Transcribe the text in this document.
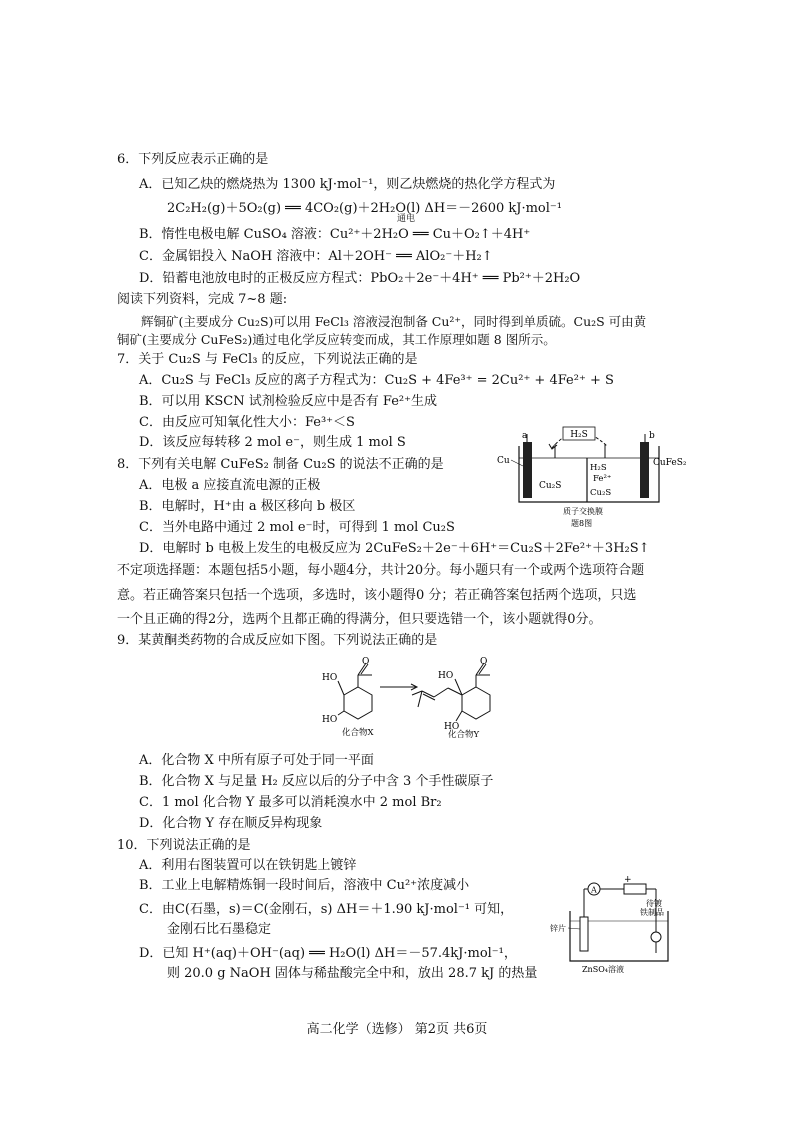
6．下列反应表示正确的是
A．已知乙炔的燃烧热为 1300 kJ·mol⁻¹，则乙炔燃烧的热化学方程式为
2C₂H₂(g)＋5O₂(g) ══ 4CO₂(g)＋2H₂O(l) ΔH＝－2600 kJ·mol⁻¹
B．惰性电极电解 CuSO₄ 溶液：Cu²⁺＋2H₂O ══ Cu＋O₂↑＋4H⁺
通电
C．金属铝投入 NaOH 溶液中：Al＋2OH⁻ ══ AlO₂⁻＋H₂↑
D．铅蓄电池放电时的正极反应方程式：PbO₂＋2e⁻＋4H⁺ ══ Pb²⁺＋2H₂O
阅读下列资料，完成 7~8 题:
辉铜矿(主要成分 Cu₂S)可以用 FeCl₃ 溶液浸泡制备 Cu²⁺，同时得到单质硫。Cu₂S 可由黄
铜矿(主要成分 CuFeS₂)通过电化学反应转变而成，其工作原理如题 8 图所示。
7．关于 Cu₂S 与 FeCl₃ 的反应，下列说法正确的是
A．Cu₂S 与 FeCl₃ 反应的离子方程式为：Cu₂S + 4Fe³⁺ = 2Cu²⁺ + 4Fe²⁺ + S
B．可以用 KSCN 试剂检验反应中是否有 Fe²⁺生成
C．由反应可知氧化性大小：Fe³⁺＜S
D．该反应每转移 2 mol e⁻，则生成 1 mol S	H₂S
a	b
Cu
Cu₂S
H₂S
Fe²⁺
Cu₂S
CuFeS₂
质子交换膜
题8图
8．下列有关电解 CuFeS₂ 制备 Cu₂S 的说法不正确的是
A．电极 a 应接直流电源的正极
B．电解时，H⁺由 a 极区移向 b 极区
C．当外电路中通过 2 mol e⁻时，可得到 1 mol Cu₂S
D．电解时 b 电极上发生的电极反应为 2CuFeS₂＋2e⁻＋6H⁺＝Cu₂S＋2Fe²⁺＋3H₂S↑
不定项选择题：本题包括5小题，每小题4分，共计20分。每小题只有一个或两个选项符合题
意。若正确答案只包括一个选项，多选时，该小题得0 分；若正确答案包括两个选项，只选
一个且正确的得2分，选两个且都正确的得满分，但只要选错一个，该小题就得0分。
9．某黄酮类药物的合成反应如下图。下列说法正确的是
O
HO
HO
化合物X
O
HO
HO
化合物Y
A．化合物 X 中所有原子可处于同一平面
B．化合物 X 与足量 H₂ 反应以后的分子中含 3 个手性碳原子
C．1 mol 化合物 Y 最多可以消耗溴水中 2 mol Br₂
D．化合物 Y 存在顺反异构现象
10．下列说法正确的是
A．利用右图装置可以在铁钥匙上镀锌
B．工业上电解精炼铜一段时间后，溶液中 Cu²⁺浓度减小
C．由C(石墨，s)＝C(金刚石，s) ΔH＝＋1.90 kJ·mol⁻¹ 可知，
金刚石比石墨稳定
D．已知 H⁺(aq)＋OH⁻(aq) ══ H₂O(l) ΔH＝－57.4kJ·mol⁻¹，
则 20.0 g NaOH 固体与稀盐酸完全中和，放出 28.7 kJ 的热量
A
+
锌片
待镀
铁制品
ZnSO₄溶液
高二化学（选修） 第2页 共6页
